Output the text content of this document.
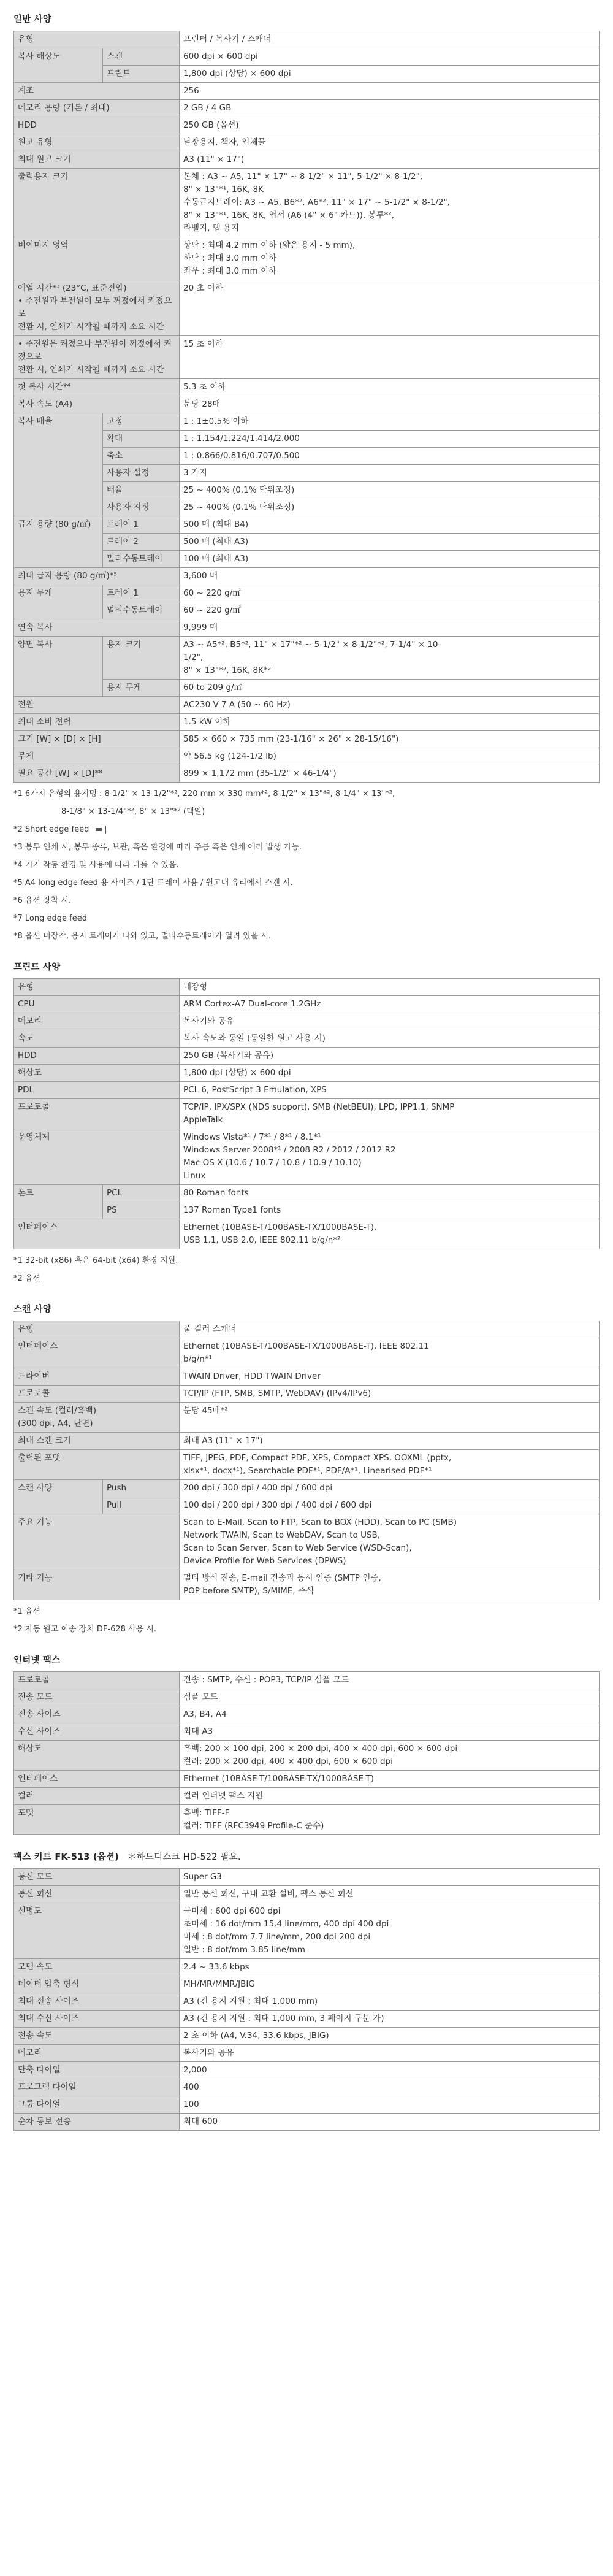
일반 사양
유형		프린터 / 복사기 / 스캐너

복사 해상도	스캔	600 dpi × 600 dpi

	프린트	1,800 dpi (상당) × 600 dpi

계조		256

메모리 용량 (기본 / 최대)		2 GB / 4 GB

HDD		250 GB (옵션)

원고 유형		낱장용지, 책자, 입체물

최대 원고 크기		A3 (11" × 17")

출력용지 크기		본체 : A3 ~ A5, 11" × 17" ~ 8-1/2" × 11", 5-1/2" × 8-1/2",
8" × 13"*¹, 16K, 8K
수동급지트레이: A3 ~ A5, B6*², A6*², 11" × 17" ~ 5-1/2" × 8-1/2",
8" × 13"*¹, 16K, 8K, 엽서 (A6 (4" × 6" 카드)), 봉투*²,
라벨지, 탭 용지

비이미지 영역		상단 : 최대 4.2 mm 이하 (얇은 용지 - 5 mm),
하단 : 최대 3.0 mm 이하
좌우 : 최대 3.0 mm 이하

예열 시간*³ (23°C, 표준전압)
• 주전원과 부전원이 모두 꺼졌에서 켜졌으로
전환 시, 인쇄기 시작될 때까지 소요 시간		20 초 이하

• 주전원은 켜졌으나 부전원이 꺼졌에서 켜졌으로
전환 시, 인쇄기 시작될 때까지 소요 시간		15 초 이하

첫 복사 시간*⁴		5.3 초 이하

복사 속도 (A4)		분당 28매

복사 배율	고정	1 : 1±0.5% 이하

	확대	1 : 1.154/1.224/1.414/2.000

	축소	1 : 0.866/0.816/0.707/0.500

	사용자 설정	3 가지

	배율	25 ~ 400% (0.1% 단위조정)

	사용자 지정	25 ~ 400% (0.1% 단위조정)

급지 용량 (80 g/㎡)	트레이 1	500 매 (최대 B4)

	트레이 2	500 매 (최대 A3)

	멀티수동트레이	100 매 (최대 A3)

최대 급지 용량 (80 g/㎡)*⁵		3,600 매

용지 무게	트레이 1	60 ~ 220 g/㎡

	멀티수동트레이	60 ~ 220 g/㎡

연속 복사		9,999 매

양면 복사	용지 크기	A3 ~ A5*², B5*², 11" × 17"*² ~ 5-1/2" × 8-1/2"*², 7-1/4" × 10-
1/2",
8" × 13"*², 16K, 8K*²

	용지 무게	60 to 209 g/㎡

전원		AC230 V 7 A (50 ~ 60 Hz)

최대 소비 전력		1.5 kW 이하

크기 [W] × [D] × [H]		585 × 660 × 735 mm (23-1/16" × 26" × 28-15/16")

무게		약 56.5 kg (124-1/2 lb)

필요 공간 [W] × [D]*⁸		899 × 1,172 mm (35-1/2" × 46-1/4")
*1 6가지 유형의 용지명 : 8-1/2" × 13-1/2"*², 220 mm × 330 mm*², 8-1/2" × 13"*², 8-1/4" × 13"*²,
8-1/8" × 13-1/4"*², 8" × 13"*² (택일)
*2 Short edge feed
*3 봉투 인쇄 시, 봉투 종류, 보관, 흑은 환경에 따라 주름 흑은 인쇄 에러 발생 가능.
*4 기기 작동 환경 및 사용에 따라 다를 수 있음.
*5 A4 long edge feed 용 사이즈 / 1단 트레이 사용 / 원고대 유리에서 스캔 시.
*6 옵션 장착 시.
*7 Long edge feed
*8 옵션 미장착, 용지 트레이가 나와 있고, 멀티수동트레이가 열려 있을 시.
프린트 사양
유형		내장형

CPU		ARM Cortex-A7 Dual-core 1.2GHz

메모리		복사기와 공유

속도		복사 속도와 동일 (동일한 원고 사용 시)

HDD		250 GB (복사기와 공유)

해상도		1,800 dpi (상당) × 600 dpi

PDL		PCL 6, PostScript 3 Emulation, XPS

프로토콜		TCP/IP, IPX/SPX (NDS support), SMB (NetBEUI), LPD, IPP1.1, SNMP
AppleTalk

운영체제		Windows Vista*¹ / 7*¹ / 8*¹ / 8.1*¹
Windows Server 2008*¹ / 2008 R2 / 2012 / 2012 R2
Mac OS X (10.6 / 10.7 / 10.8 / 10.9 / 10.10)
Linux

폰트	PCL	80 Roman fonts

	PS	137 Roman Type1 fonts

인터페이스		Ethernet (10BASE-T/100BASE-TX/1000BASE-T),
USB 1.1, USB 2.0, IEEE 802.11 b/g/n*²
*1 32-bit (x86) 흑은 64-bit (x64) 환경 지원.
*2 옵션
스캔 사양
유형		풀 컬러 스캐너

인터페이스		Ethernet (10BASE-T/100BASE-TX/1000BASE-T), IEEE 802.11
b/g/n*¹

드라이버		TWAIN Driver, HDD TWAIN Driver

프로토콜		TCP/IP (FTP, SMB, SMTP, WebDAV) (IPv4/IPv6)

스캔 속도 (컬러/흑백)
(300 dpi, A4, 단면)		분당 45매*²

최대 스캔 크기		최대 A3 (11" × 17")

출력된 포맷		TIFF, JPEG, PDF, Compact PDF, XPS, Compact XPS, OOXML (pptx,
xlsx*¹, docx*¹), Searchable PDF*¹, PDF/A*¹, Linearised PDF*¹

스캔 사양	Push	200 dpi / 300 dpi / 400 dpi / 600 dpi

	Pull	100 dpi / 200 dpi / 300 dpi / 400 dpi / 600 dpi

주요 기능		Scan to E-Mail, Scan to FTP, Scan to BOX (HDD), Scan to PC (SMB)
Network TWAIN, Scan to WebDAV, Scan to USB,
Scan to Scan Server, Scan to Web Service (WSD-Scan),
Device Profile for Web Services (DPWS)

기타 기능		멀티 방식 전송, E-mail 전송과 동시 인증 (SMTP 인증,
POP before SMTP), S/MIME, 주석
*1 옵션
*2 자동 원고 이송 장치 DF-628 사용 시.
인터넷 팩스
프로토콜	전송 : SMTP, 수신 : POP3, TCP/IP 심플 모드

전송 모드	심플 모드

전송 사이즈	A3, B4, A4

수신 사이즈	최대 A3

해상도	흑백: 200 × 100 dpi, 200 × 200 dpi, 400 × 400 dpi, 600 × 600 dpi
컬러: 200 × 200 dpi, 400 × 400 dpi, 600 × 600 dpi

인터페이스	Ethernet (10BASE-T/100BASE-TX/1000BASE-T)

컬러	컬러 인터넷 팩스 지원

포맷	흑백: TIFF-F
컬러: TIFF (RFC3949 Profile-C 준수)
팩스 키트 FK-513 (옵션) ＊하드디스크 HD-522 필요.
통신 모드	Super G3

통신 회선	일반 통신 회선, 구내 교환 설비, 팩스 통신 회선

선명도	극미세 : 600 dpi 600 dpi
초미세 : 16 dot/mm 15.4 line/mm, 400 dpi 400 dpi
미세 : 8 dot/mm 7.7 line/mm, 200 dpi 200 dpi
일반 : 8 dot/mm 3.85 line/mm

모뎀 속도	2.4 ~ 33.6 kbps

데이터 압축 형식	MH/MR/MMR/JBIG

최대 전송 사이즈	A3 (긴 용지 지원 : 최대 1,000 mm)

최대 수신 사이즈	A3 (긴 용지 지원 : 최대 1,000 mm, 3 페이지 구분 가)

전송 속도	2 초 이하 (A4, V.34, 33.6 kbps, JBIG)

메모리	복사기와 공유

단축 다이얼	2,000

프로그램 다이얼	400

그룹 다이얼	100

순차 동보 전송	최대 600
